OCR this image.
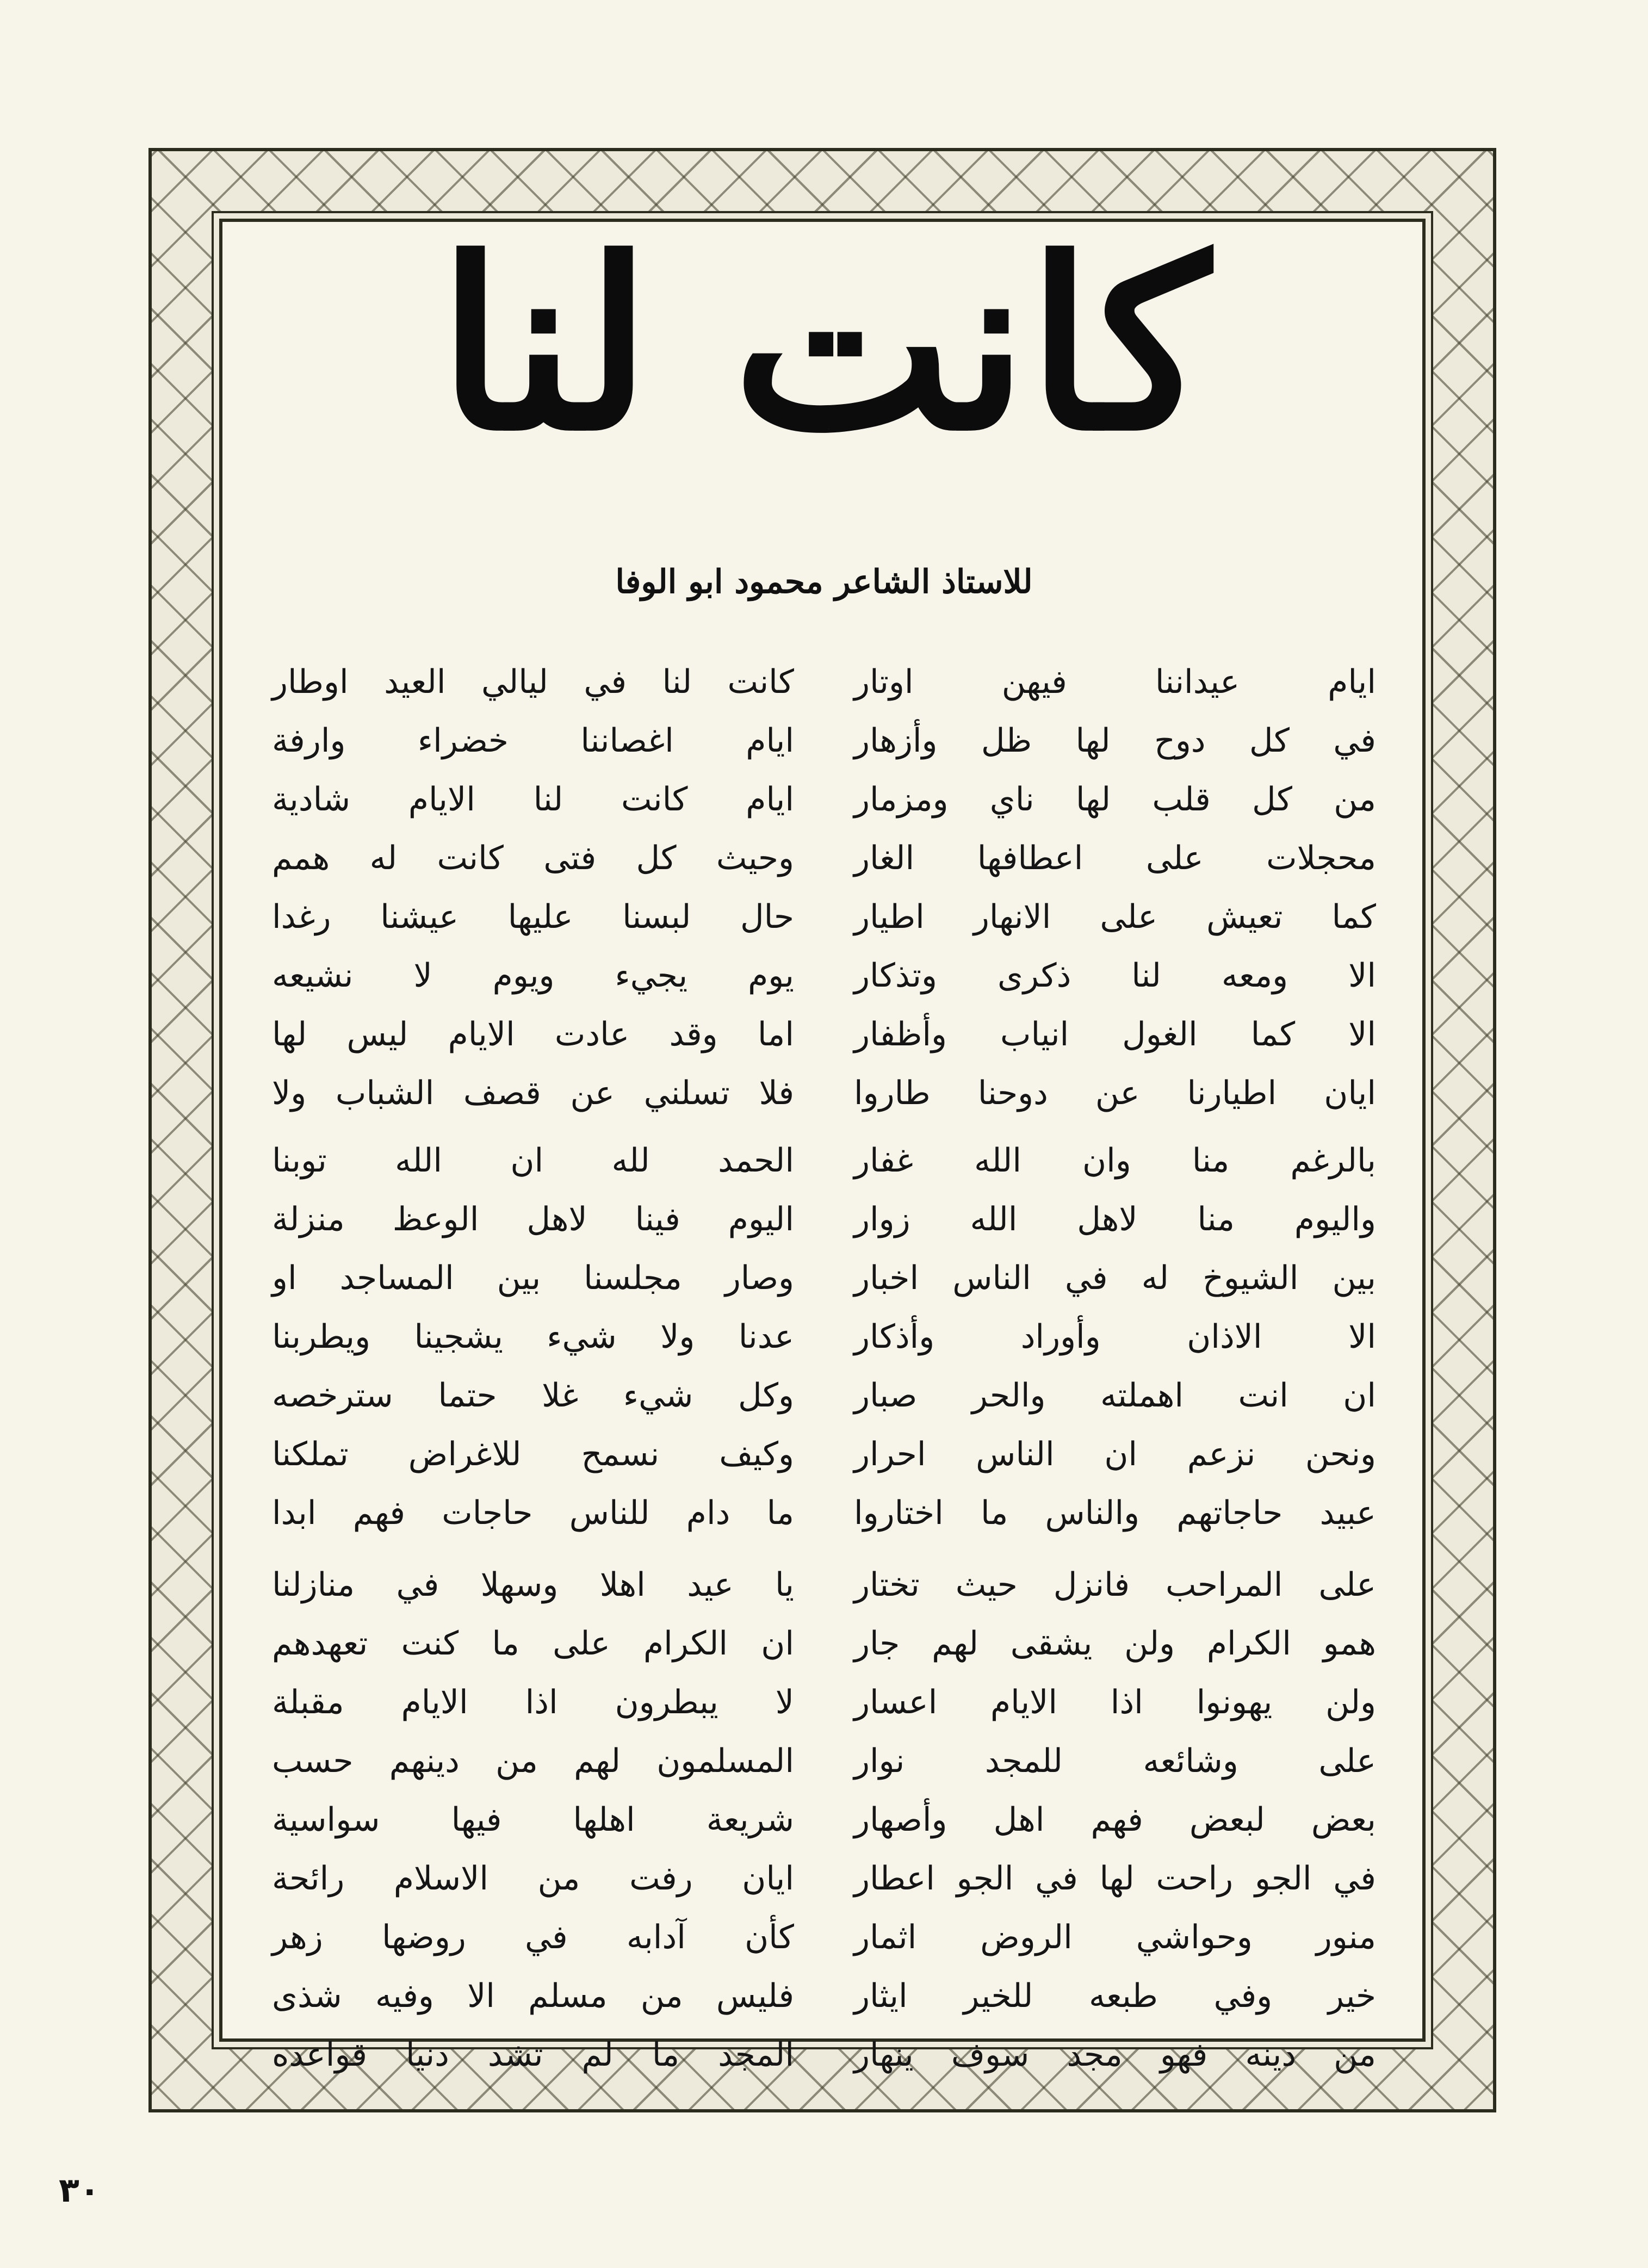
كانت لنا
للاستاذ الشاعر محمود ابو الوفا
كانت لنا في ليالي العيد اوطار
ايام اغصاننا خضراء وارفة
ايام كانت لنا الايام شادية
وحيث كل فتى كانت له همم
حال لبسنا عليها عيشنا رغدا
يوم يجيء ويوم لا نشيعه
اما وقد عادت الايام ليس لها
فلا تسلني عن قصف الشباب ولا
ايام عيداننا فيهن اوتار
في كل دوح لها ظل وأزهار
من كل قلب لها ناي ومزمار
محجلات على اعطافها الغار
كما تعيش على الانهار اطيار
الا ومعه لنا ذكرى وتذكار
الا كما الغول انياب وأظفار
ايان اطيارنا عن دوحنا طاروا
الحمد لله ان الله توبنا
اليوم فينا لاهل الوعظ منزلة
وصار مجلسنا بين المساجد او
عدنا ولا شيء يشجينا ويطربنا
وكل شيء غلا حتما سترخصه
وكيف نسمح للاغراض تملكنا
ما دام للناس حاجات فهم ابدا
بالرغم منا وان الله غفار
واليوم منا لاهل الله زوار
بين الشيوخ له في الناس اخبار
الا الاذان وأوراد وأذكار
ان انت اهملته والحر صبار
ونحن نزعم ان الناس احرار
عبيد حاجاتهم والناس ما اختاروا
يا عيد اهلا وسهلا في منازلنا
ان الكرام على ما كنت تعهدهم
لا يبطرون اذا الايام مقبلة
المسلمون لهم من دينهم حسب
شريعة اهلها فيها سواسية
ايان رفت من الاسلام رائحة
كأن آدابه في روضها زهر
فليس من مسلم الا وفيه شذى
المجد ما لم تشد دنيا قواعده
على المراحب فانزل حيث تختار
همو الكرام ولن يشقى لهم جار
ولن يهونوا اذا الايام اعسار
على وشائعه للمجد نوار
بعض لبعض فهم اهل وأصهار
في الجو راحت لها في الجو اعطار
منور وحواشي الروض اثمار
خير وفي طبعه للخير ايثار
من دينه فهو مجد سوف ينهار
٣٠
